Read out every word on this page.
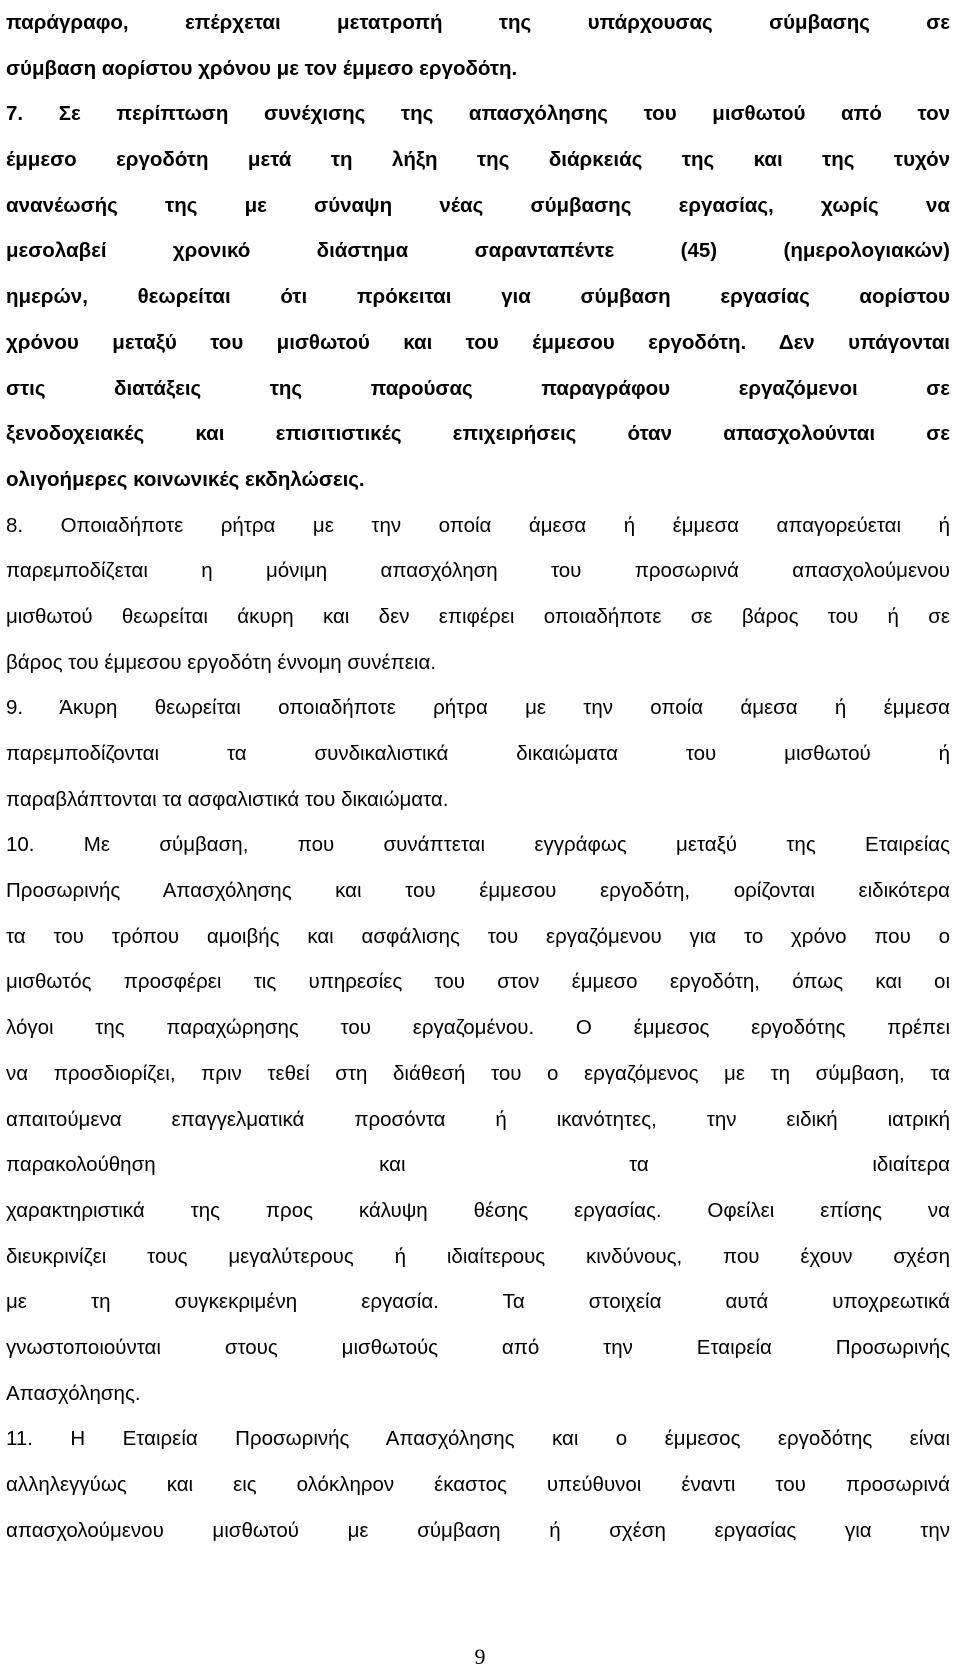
παράγραφο, επέρχεται μετατροπή της υπάρχουσας σύμβασης σε
σύμβαση αορίστου χρόνου με τον έμμεσο εργοδότη.
7. Σε περίπτωση συνέχισης της απασχόλησης του μισθωτού από τον
έμμεσο εργοδότη μετά τη λήξη της διάρκειάς της και της τυχόν
ανανέωσής της με σύναψη νέας σύμβασης εργασίας, χωρίς να
μεσολαβεί χρονικό διάστημα σαρανταπέντε (45) (ημερολογιακών)
ημερών, θεωρείται ότι πρόκειται για σύμβαση εργασίας αορίστου
χρόνου μεταξύ του μισθωτού και του έμμεσου εργοδότη. Δεν υπάγονται
στις διατάξεις της παρούσας παραγράφου εργαζόμενοι σε
ξενοδοχειακές και επισιτιστικές επιχειρήσεις όταν απασχολούνται σε
ολιγοήμερες κοινωνικές εκδηλώσεις.
8. Οποιαδήποτε ρήτρα με την οποία άμεσα ή έμμεσα απαγορεύεται ή
παρεμποδίζεται η μόνιμη απασχόληση του προσωρινά απασχολούμενου
μισθωτού θεωρείται άκυρη και δεν επιφέρει οποιαδήποτε σε βάρος του ή σε
βάρος του έμμεσου εργοδότη έννομη συνέπεια.
9. Άκυρη θεωρείται οποιαδήποτε ρήτρα με την οποία άμεσα ή έμμεσα
παρεμποδίζονται τα συνδικαλιστικά δικαιώματα του μισθωτού ή
παραβλάπτονται τα ασφαλιστικά του δικαιώματα.
10. Με σύμβαση, που συνάπτεται εγγράφως μεταξύ της Εταιρείας
Προσωρινής Απασχόλησης και του έμμεσου εργοδότη, ορίζονται ειδικότερα
τα του τρόπου αμοιβής και ασφάλισης του εργαζόμενου για το χρόνο που ο
μισθωτός προσφέρει τις υπηρεσίες του στον έμμεσο εργοδότη, όπως και οι
λόγοι της παραχώρησης του εργαζομένου. Ο έμμεσος εργοδότης πρέπει
να προσδιορίζει, πριν τεθεί στη διάθεσή του ο εργαζόμενος με τη σύμβαση, τα
απαιτούμενα επαγγελματικά προσόντα ή ικανότητες, την ειδική ιατρική
παρακολούθηση και τα ιδιαίτερα
χαρακτηριστικά της προς κάλυψη θέσης εργασίας. Οφείλει επίσης να
διευκρινίζει τους μεγαλύτερους ή ιδιαίτερους κινδύνους, που έχουν σχέση
με τη συγκεκριμένη εργασία. Τα στοιχεία αυτά υποχρεωτικά
γνωστοποιούνται στους μισθωτούς από την Εταιρεία Προσωρινής
Απασχόλησης.
11. Η Εταιρεία Προσωρινής Απασχόλησης και ο έμμεσος εργοδότης είναι
αλληλεγγύως και εις ολόκληρον έκαστος υπεύθυνοι έναντι του προσωρινά
απασχολούμενου μισθωτού με σύμβαση ή σχέση εργασίας για την
9
